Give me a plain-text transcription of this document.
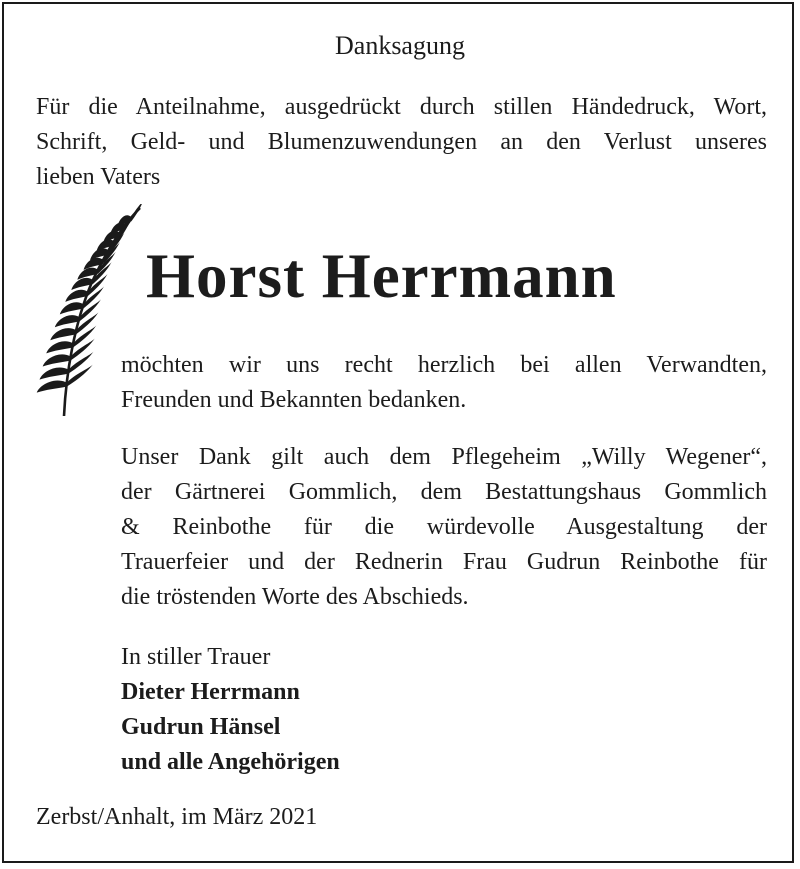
Danksagung
Für die Anteilnahme, ausgedrückt durch stillen Händedruck, Wort,
Schrift, Geld- und Blumenzuwendungen an den Verlust unseres
lieben Vaters
Horst Herrmann
möchten wir uns recht herzlich bei allen Verwandten,
Freunden und Bekannten bedanken.
Unser Dank gilt auch dem Pflegeheim „Willy Wegener“,
der Gärtnerei Gommlich, dem Bestattungshaus Gommlich
& Reinbothe für die würdevolle Ausgestaltung der
Trauerfeier und der Rednerin Frau Gudrun Reinbothe für
die tröstenden Worte des Abschieds.
In stiller Trauer
Dieter Herrmann
Gudrun Hänsel
und alle Angehörigen
Zerbst/Anhalt, im März 2021
